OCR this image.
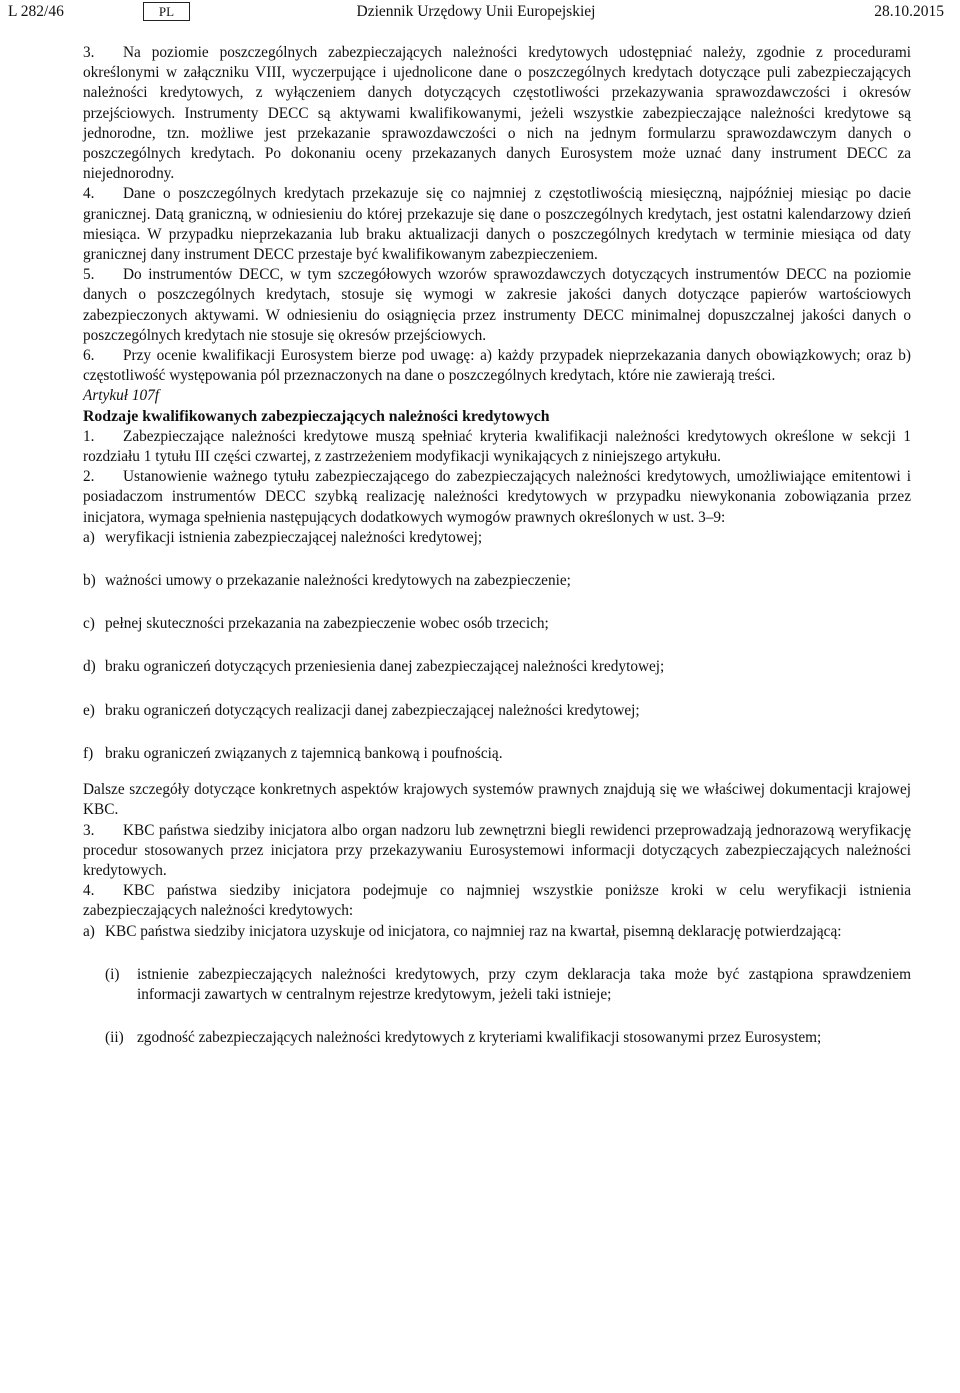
L 282/46	Dziennik Urzędowy Unii Europejskiej
PL	28.10.2015

3. Na poziomie poszczególnych zabezpieczających należności kredytowych udostępniać należy, zgodnie z procedurami określonymi w załączniku VIII, wyczerpujące i ujednolicone dane o poszczególnych kredytach dotyczące puli zabezpieczających należności kredytowych, z wyłączeniem danych dotyczących częstotliwości przekazywania sprawozdawczości i okresów przejściowych. Instrumenty DECC są aktywami kwalifikowanymi, jeżeli wszystkie zabezpieczające należności kredytowe są jednorodne, tzn. możliwe jest przekazanie sprawozdawczości o nich na jednym formularzu sprawozdawczym danych o poszczególnych kredytach. Po dokonaniu oceny przekazanych danych Eurosystem może uznać dany instrument DECC za niejednorodny.

4. Dane o poszczególnych kredytach przekazuje się co najmniej z częstotliwością miesięczną, najpóźniej miesiąc po dacie granicznej. Datą graniczną, w odniesieniu do której przekazuje się dane o poszczególnych kredytach, jest ostatni kalendarzowy dzień miesiąca. W przypadku nieprzekazania lub braku aktualizacji danych o poszczególnych kredytach w terminie miesiąca od daty granicznej dany instrument DECC przestaje być kwalifikowanym zabezpieczeniem.

5. Do instrumentów DECC, w tym szczegółowych wzorów sprawozdawczych dotyczących instrumentów DECC na poziomie danych o poszczególnych kredytach, stosuje się wymogi w zakresie jakości danych dotyczące papierów wartościowych zabezpieczonych aktywami. W odniesieniu do osiągnięcia przez instrumenty DECC minimalnej dopuszczalnej jakości danych o poszczególnych kredytach nie stosuje się okresów przejściowych.

6. Przy ocenie kwalifikacji Eurosystem bierze pod uwagę: a) każdy przypadek nieprzekazania danych obowiązkowych; oraz b) częstotliwość występowania pól przeznaczonych na dane o poszczególnych kredytach, które nie zawierają treści.

Artykuł 107f

Rodzaje kwalifikowanych zabezpieczających należności kredytowych

1. Zabezpieczające należności kredytowe muszą spełniać kryteria kwalifikacji należności kredytowych określone w sekcji 1 rozdziału 1 tytułu III części czwartej, z zastrzeżeniem modyfikacji wynikających z niniejszego artykułu.

2. Ustanowienie ważnego tytułu zabezpieczającego do zabezpieczających należności kredytowych, umożliwiające emitentowi i posiadaczom instrumentów DECC szybką realizację należności kredytowych w przypadku niewykonania zobowiązania przez inicjatora, wymaga spełnienia następujących dodatkowych wymogów prawnych określonych w ust. 3–9:

a) weryfikacji istnienia zabezpieczającej należności kredytowej;
b) ważności umowy o przekazanie należności kredytowych na zabezpieczenie;
c) pełnej skuteczności przekazania na zabezpieczenie wobec osób trzecich;
d) braku ograniczeń dotyczących przeniesienia danej zabezpieczającej należności kredytowej;
e) braku ograniczeń dotyczących realizacji danej zabezpieczającej należności kredytowej;
f) braku ograniczeń związanych z tajemnicą bankową i poufnością.

Dalsze szczegóły dotyczące konkretnych aspektów krajowych systemów prawnych znajdują się we właściwej dokumentacji krajowej KBC.

3. KBC państwa siedziby inicjatora albo organ nadzoru lub zewnętrzni biegli rewidenci przeprowadzają jednorazową weryfikację procedur stosowanych przez inicjatora przy przekazywaniu Eurosystemowi informacji dotyczących zabezpieczających należności kredytowych.

4. KBC państwa siedziby inicjatora podejmuje co najmniej wszystkie poniższe kroki w celu weryfikacji istnienia zabezpieczających należności kredytowych:

a) KBC państwa siedziby inicjatora uzyskuje od inicjatora, co najmniej raz na kwartał, pisemną deklarację potwierdzającą:
(i)	istnienie zabezpieczających należności kredytowych, przy czym deklaracja taka może być zastąpiona sprawdzeniem informacji zawartych w centralnym rejestrze kredytowym, jeżeli taki istnieje;
(ii) zgodność zabezpieczających należności kredytowych z kryteriami kwalifikacji stosowanymi przez Eurosystem;
